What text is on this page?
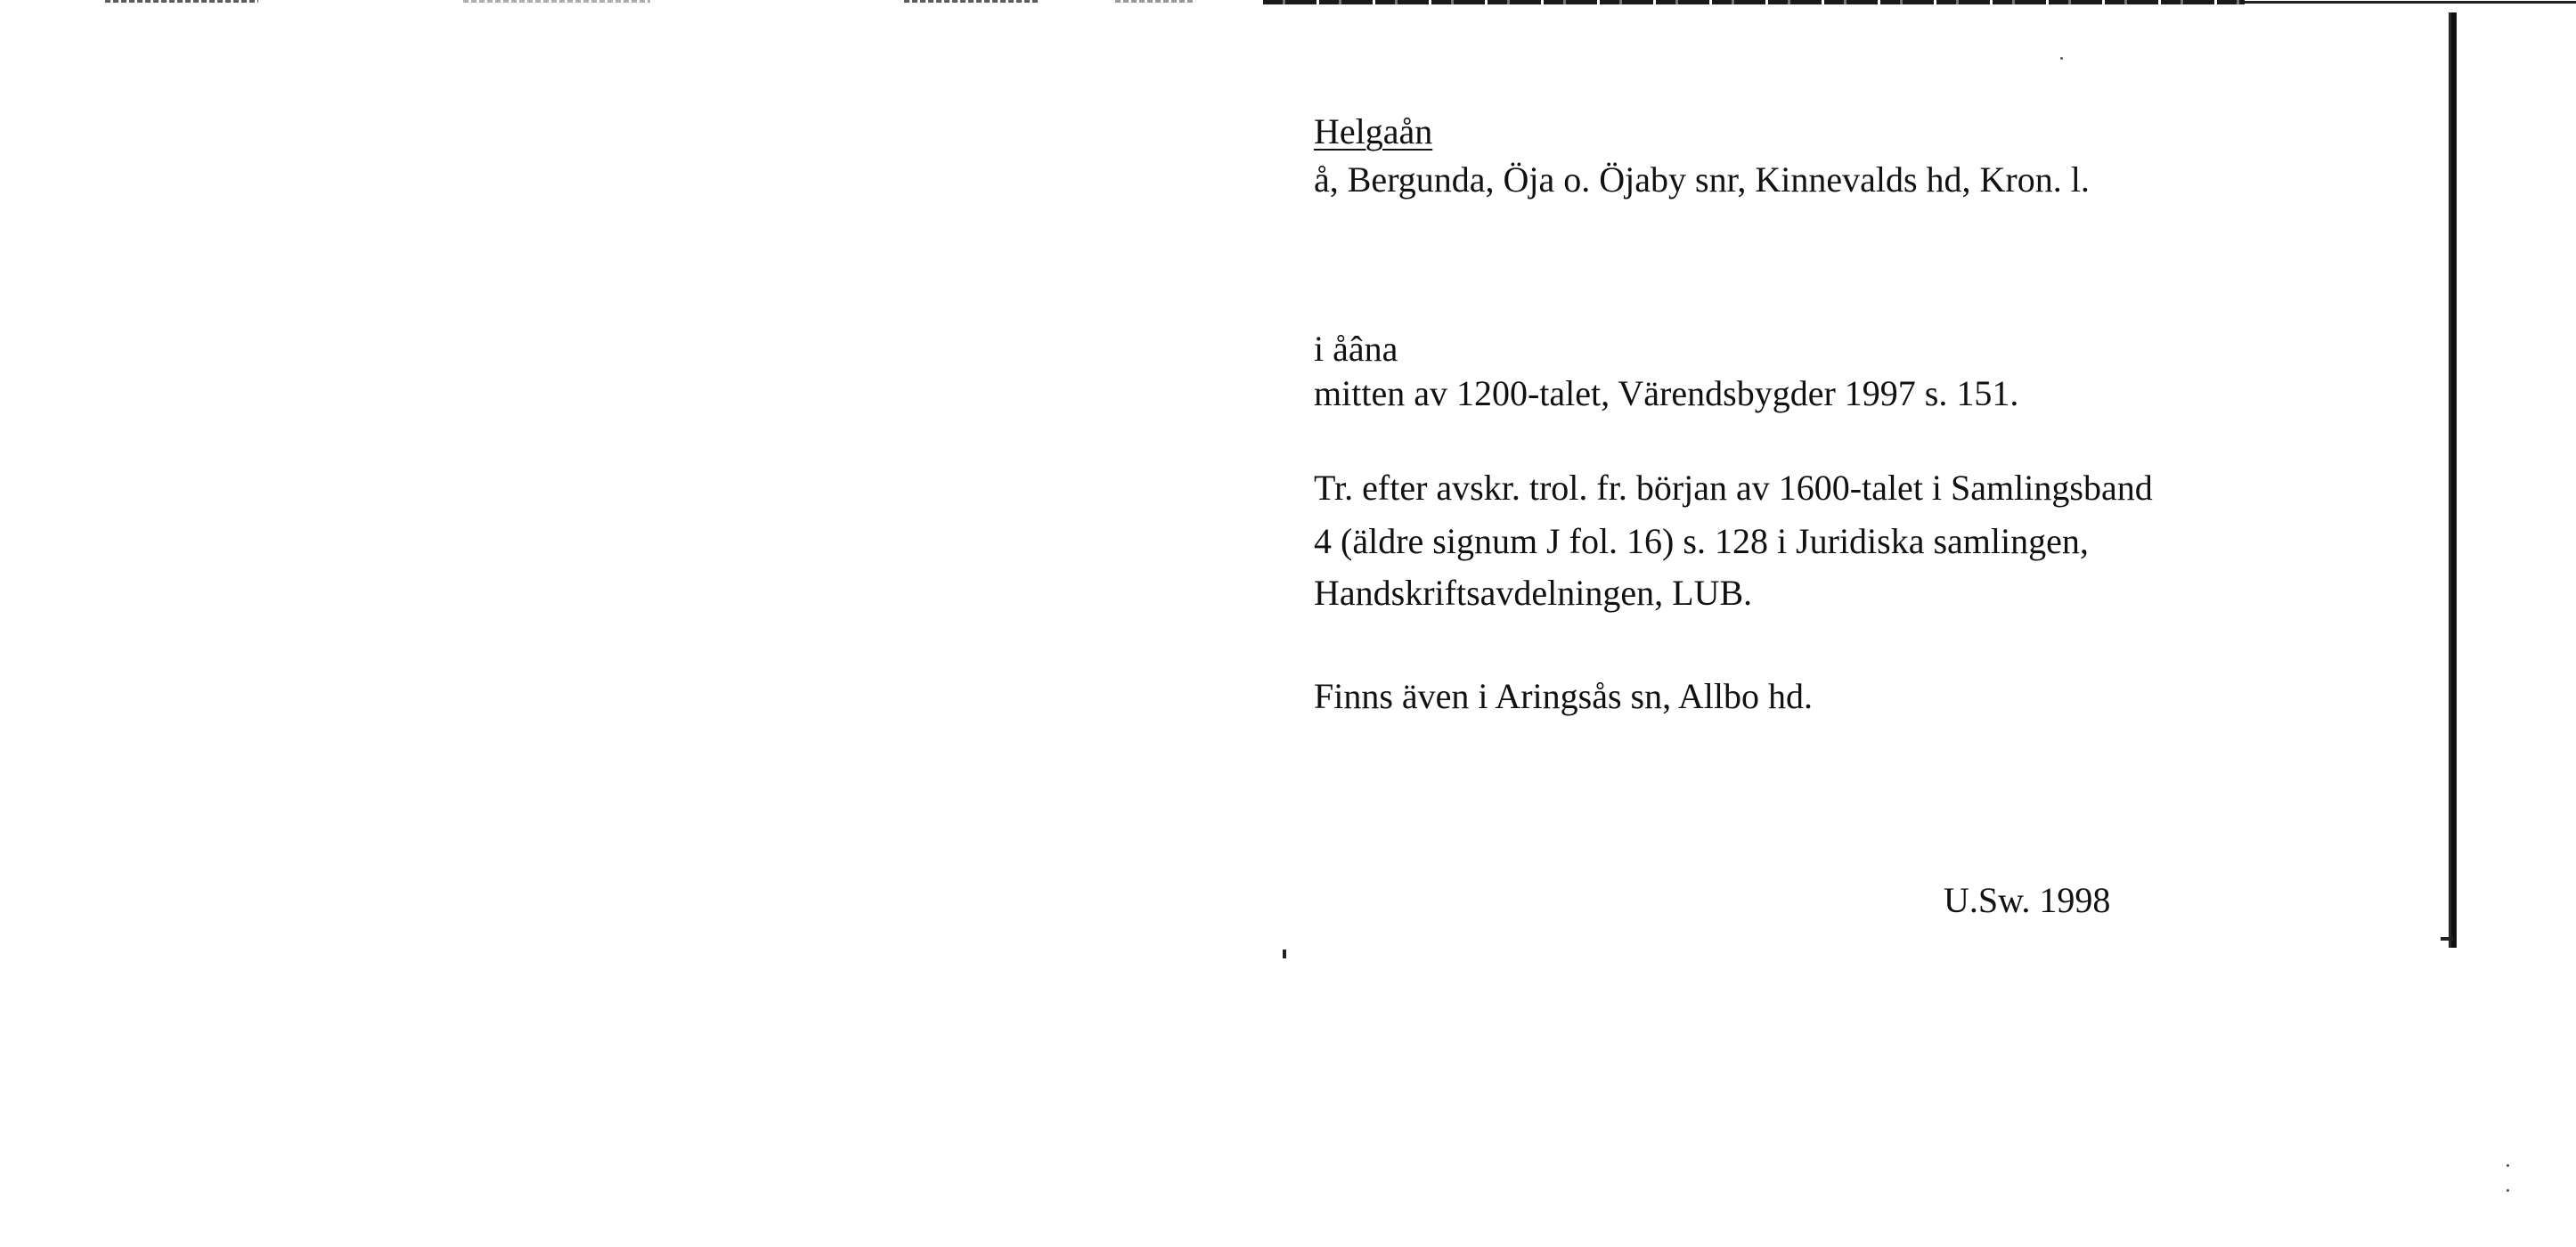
Helgaån
å, Bergunda, Öja o. Öjaby snr, Kinnevalds hd, Kron. l.
i åâna
mitten av 1200-talet, Värendsbygder 1997 s. 151.
Tr. efter avskr. trol. fr. början av 1600-talet i Samlingsband
4 (äldre signum J fol. 16) s. 128 i Juridiska samlingen,
Handskriftsavdelningen, LUB.
Finns även i Aringsås sn, Allbo hd.
U.Sw. 1998
